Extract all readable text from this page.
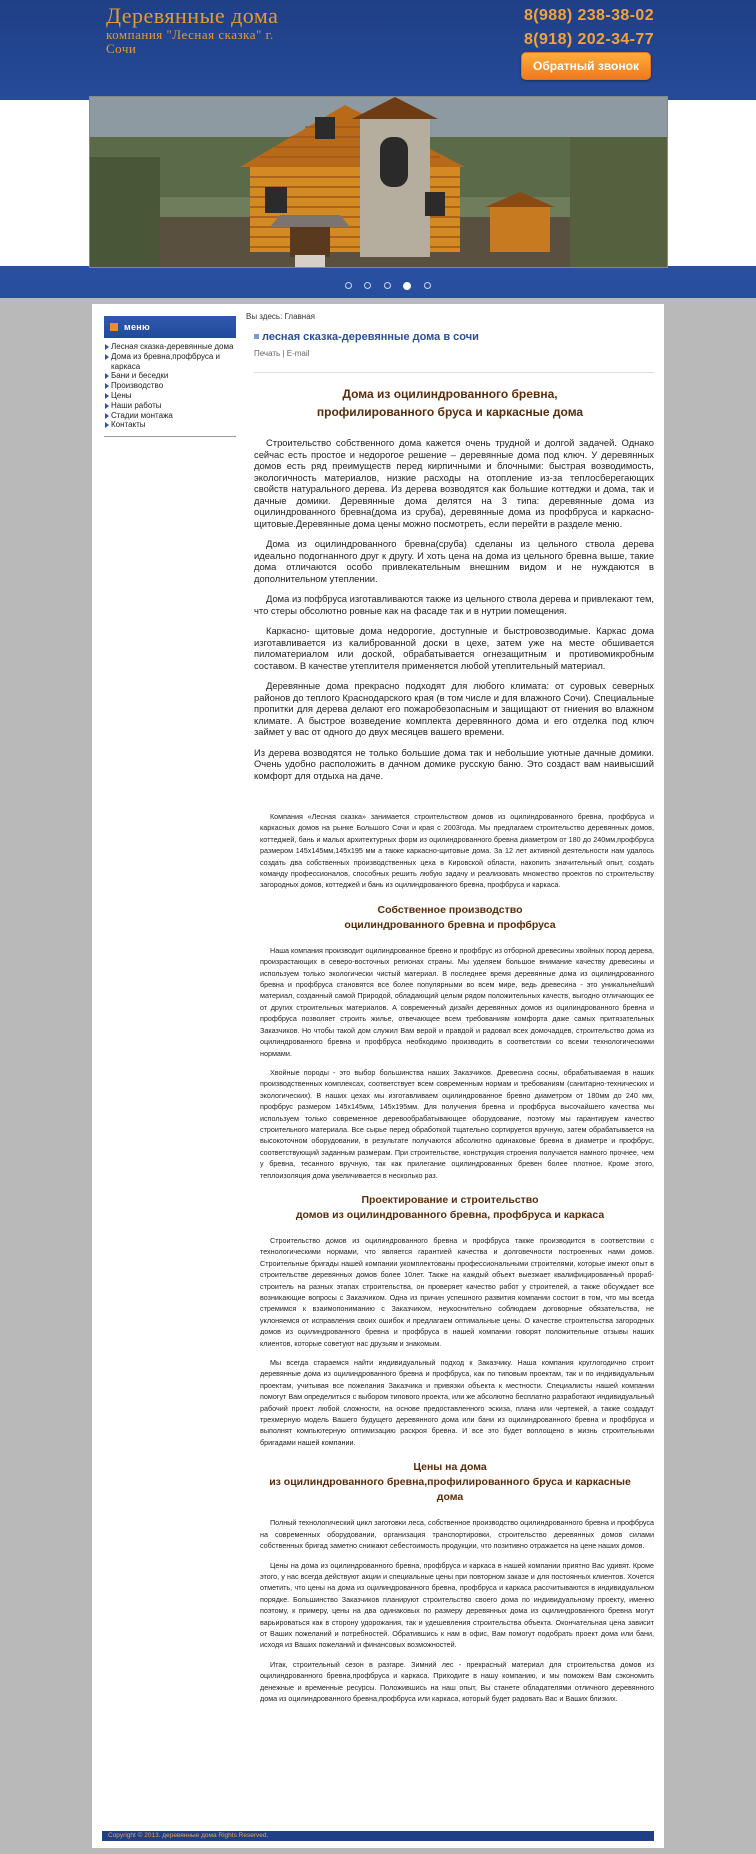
Деревянные дома
компания "Лесная сказка" г. Сочи
8(988) 238-38-02
8(918) 202-34-77
Обратный звонок

меню
Лесная сказка-деревянные дома
Дома из бревна,профбруса и каркаса
Бани и беседки
Производство
Цены
Наши работы
Стадии монтажа
Контакты
Вы здесь: Главная
лесная сказка-деревянные дома в сочи
Печать | E-mail
Дома из оцилиндрованного бревна,
профилированного бруса и каркасные дома

Строительство собственного дома кажется очень трудной и долгой задачей. Однако сейчас есть простое и недорогое решение – деревянные дома под ключ. У деревянных домов есть ряд преимуществ перед кирпичными и блочными: быстрая возводимость, экологичность материалов, низкие расходы на отопление из-за теплосберегающих свойств натурального дерева. Из дерева возводятся как большие коттеджи и дома, так и дачные домики. Деревянные дома делятся на 3 типа: деревянные дома из оцилиндрованного бревна(дома из сруба), деревянные дома из профбруса и каркасно-щитовые.Деревянные дома цены можно посмотреть, если перейти в разделе меню.

Дома из оцилиндрованного бревна(сруба) сделаны из цельного ствола дерева идеально подогнанного друг к другу. И хоть цена на дома из цельного бревна выше, такие дома отличаются особо привлекательным внешним видом и не нуждаются в дополнительном утеплении.

Дома из пофбруса изготавливаются также из цельного ствола дерева и привлекают тем, что стеры обсолютно ровные как на фасаде так и в нутрии помещения.

Каркасно- щитовые дома недорогие, доступные и быстровозводимые. Каркас дома изготавливается из калиброванной доски в цехе, затем уже на месте обшивается пиломатериалом или доской, обрабатывается огнезащитным и противомикробным составом. В качестве утеплителя применяется любой утеплительный материал.

Деревянные дома прекрасно подходят для любого климата: от суровых северных районов до теплого Краснодарского края (в том числе и для влажного Сочи). Специальные пропитки для дерева делают его пожаробезопасным и защищают от гниения во влажном климате. А быстрое возведение комплекта деревянного дома и его отделка под ключ займет у вас от одного до двух месяцев вашего времени.

Из дерева возводятся не только большие дома так и небольшие уютные дачные домики. Очень удобно расположить в дачном домике русскую баню. Это создаст вам наивысший комфорт для отдыха на даче.

Компания «Лесная сказка» занимается строительством домов из оцилиндрованного бревна, профбруса и каркасных домов на рынке Большого Сочи и края с 2003года. Мы предлагаем строительство деревянных домов, коттеджей, бань и малых архитектурных форм из оцилиндрованного бревна диаметром от 180 до 240мм,профбруса размером 145х145мм,145х195 мм а также каркасно-щитовые дома. За 12 лет активной деятельности нам удалось создать два собственных производственных цеха в Кировской области, накопить значительный опыт, создать команду профессионалов, способных решить любую задачу и реализовать множество проектов по строительству загородных домов, коттеджей и бань из оцилиндрованного бревна, профбруса и каркаса.

Собственное производство
оцилиндрованного бревна и профбруса

Наша компания производит оцилиндрованное бревно и профбрус из отборной древесины хвойных пород дерева, произрастающих в северо-восточных регионах страны. Мы уделяем большое внимание качеству древесины и используем только экологически чистый материал. В последнее время деревянные дома из оцилиндрованного бревна и профбруса становятся все более популярными во всем мире, ведь древесина - это уникальнейший материал, созданный самой Природой, обладающий целым рядом положительных качеств, выгодно отличающих ее от других строительных материалов. А современный дизайн деревянных домов из оцилиндрованного бревна и профбруса позволяет строить жилье, отвечающее всем требованиям комфорта даже самых притязательных Заказчиков. Но чтобы такой дом служил Вам верой и правдой и радовал всех домочадцев, строительство дома из оцилиндрованного бревна и профбруса необходимо производить в соответствии со всеми технологическими нормами.

Хвойные породы - это выбор большинства наших Заказчиков. Древесина сосны, обрабатываемая в наших производственных комплексах, соответствует всем современным нормам и требованиям (санитарно-технических и экологических). В наших цехах мы изготавливаем оцилиндрованное бревно диаметром от 180мм до 240 мм, профбрус размером 145х145мм, 145х195мм. Для получения бревна и профбруса высочайшего качества мы используем только современное деревообрабатывающее оборудование, поэтому мы гарантируем качество строительного материала. Все сырье перед обработкой тщательно сортируется вручную, затем обрабатывается на высокоточном оборудовании, в результате получаются абсолютно одинаковые бревна в диаметре и профбрус, соответствующий заданным размерам. При строительстве, конструкция строения получается намного прочнее, чем у бревна, тесанного вручную, так как прилегание оцилиндрованных бревен более плотное. Кроме этого, теплоизоляция дома увеличивается в несколько раз.

Проектирование и строительство
домов из оцилиндрованного бревна, профбруса и каркаса

Строительство домов из оцилиндрованного бревна и профбруса также производится в соответствии с технологическими нормами, что является гарантией качества и долговечности построенных нами домов. Строительные бригады нашей компании укомплектованы профессиональными строителями, которые имеют опыт в строительстве деревянных домов более 10лет. Также на каждый объект выезжает квалифицированный прораб-строитель на разных этапах строительства, он проверяет качество работ у строителей, а также обсуждает все возникающие вопросы с Заказчиком. Одна из причин успешного развития компании состоит в том, что мы всегда стремимся к взаимопониманию с Заказчиком, неукоснительно соблюдаем договорные обязательства, не уклоняемся от исправления своих ошибок и предлагаем оптимальные цены. О качестве строительства загородных домов из оцилиндрованного бревна и профбруса в нашей компании говорят положительные отзывы наших клиентов, которые советуют нас друзьям и знакомым.

Мы всегда стараемся найти индивидуальный подход к Заказчику. Наша компания круглогодично строит деревянные дома из оцилиндрованного бревна и профбруса, как по типовым проектам, так и по индивидуальным проектам, учитывая все пожелания Заказчика и привязки объекта к местности. Специалисты нашей компании помогут Вам определиться с выбором типового проекта, или же абсолютно бесплатно разработают индивидуальный рабочий проект любой сложности, на основе предоставленного эскиза, плана или чертежей, а также создадут трехмерную модель Вашего будущего деревянного дома или бани из оцилиндрованного бревна и профбруса и выполнят компьютерную оптимизацию раскроя бревна. И все это будет воплощено в жизнь строительными бригадами нашей компании.

Цены на дома
из оцилиндрованного бревна,профилированного бруса и каркасные
дома

Полный технологический цикл заготовки леса, собственное производство оцилиндрованного бревна и профбруса на современных оборудовании, организация транспортировки, строительство деревянных домов силами собственных бригад заметно снижают себестоимость продукции, что позитивно отражается на цене наших домов.

Цены на дома из оцилиндрованного бревна, профбруса и каркаса в нашей компании приятно Вас удивят. Кроме этого, у нас всегда действуют акции и специальные цены при повторном заказе и для постоянных клиентов. Хочется отметить, что цены на дома из оцилиндрованного бревна, профбруса и каркаса рассчитываются в индивидуальном порядке. Большинство Заказчиков планируют строительство своего дома по индивидуальному проекту, именно поэтому, к примеру, цены на два одинаковых по размеру деревянных дома из оцилиндрованного бревна могут варьироваться как в сторону удорожания, так и удешевления строительства объекта. Окончательная цена зависит от Ваших пожеланий и потребностей. Обратившись к нам в офис, Вам помогут подобрать проект дома или бани, исходя из Ваших пожеланий и финансовых возможностей.

Итак, строительный сезон в разгаре. Зимний лес - прекрасный материал для строительства домов из оцилиндрованного бревна,профбруса и каркаса. Приходите в нашу компанию, и мы поможем Вам сэкономить денежные и временные ресурсы. Положившись на наш опыт, Вы станете обладателями отличного деревянного дома из оцилиндрованного бревна,профбруса или каркаса, который будет радовать Вас и Ваших близких.

Copyright © 2013. деревянные дома Rights Reserved.
